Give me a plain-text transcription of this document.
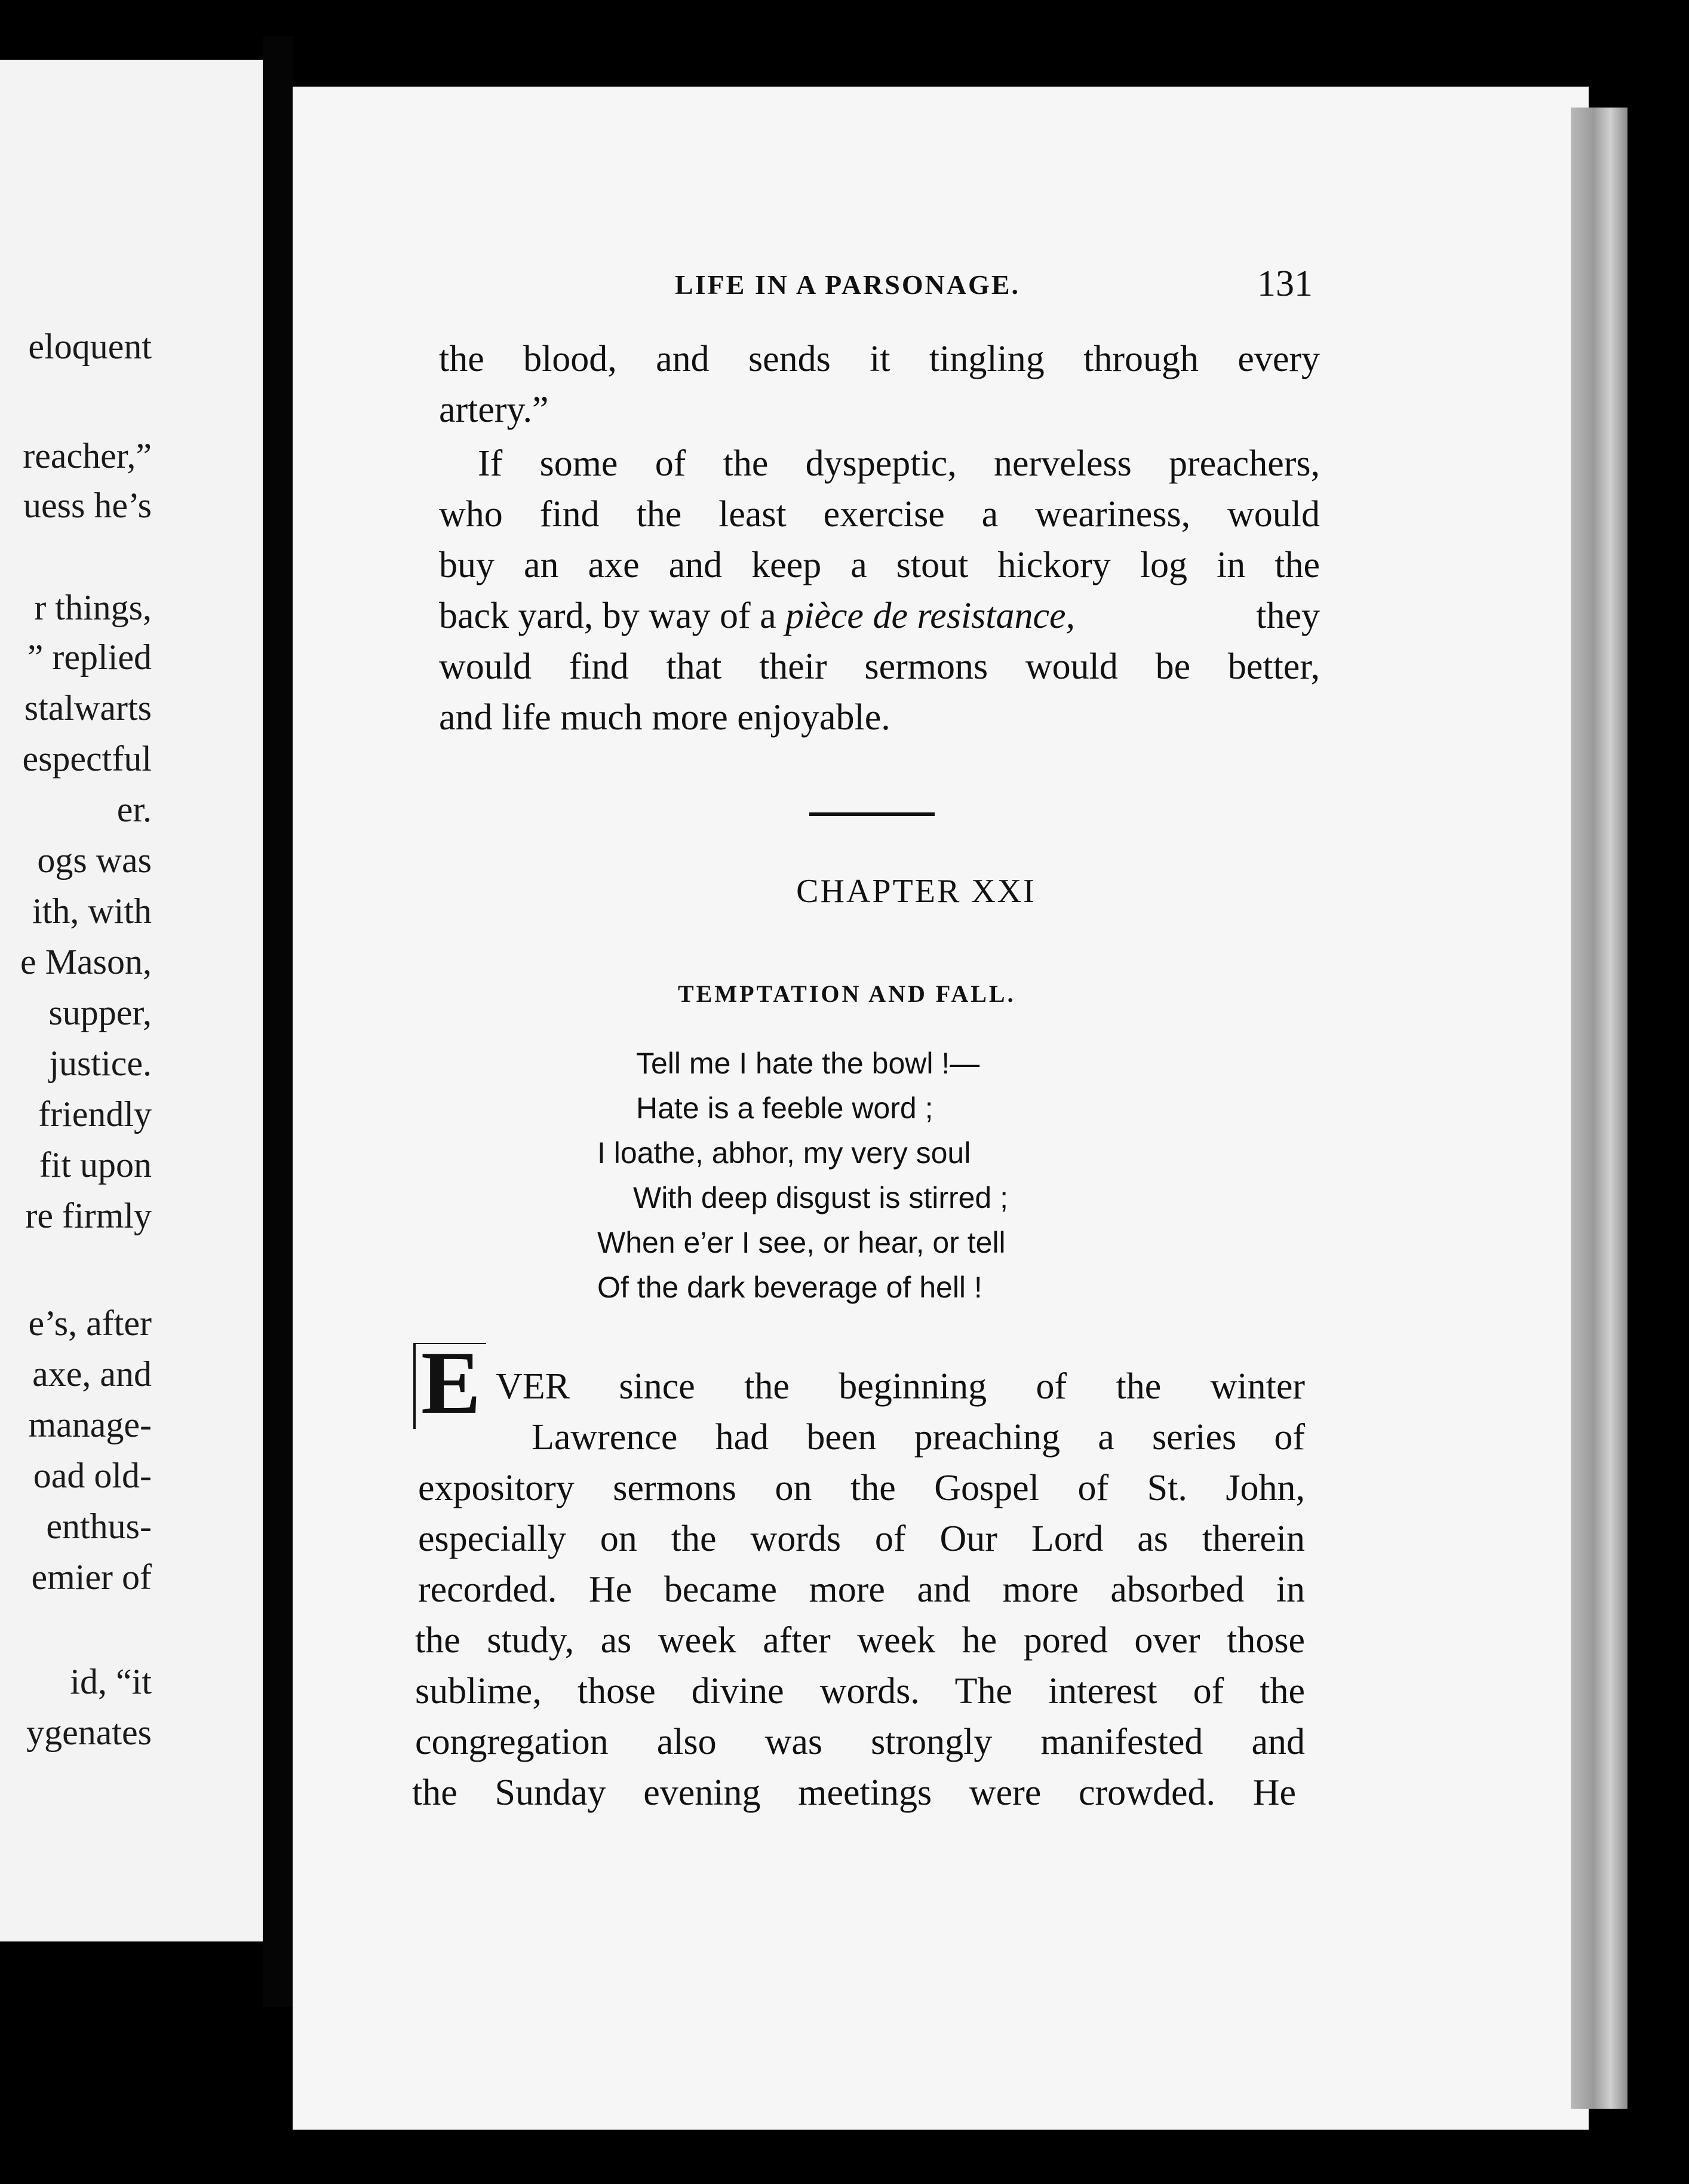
eloquent
reacher,”
uess he’s
r things,
” replied
stalwarts
espectful
er.
ogs was
ith, with
e Mason,
supper,
justice.
friendly
fit upon
re firmly
e’s, after
axe, and
manage-
oad old-
enthus-
emier of
id, “it
ygenates
LIFE IN A PARSONAGE.	131
the blood, and sends it tingling through every
artery.”
If some of the dyspeptic, nerveless preachers,
who find the least exercise a weariness, would
buy an axe and keep a stout hickory log in the
back yard, by way of a pièce de resistance,	they
would find that their sermons would be better,
and life much more enjoyable.
CHAPTER XXI
TEMPTATION AND FALL.
Tell me I hate the bowl !—
Hate is a feeble word ;
I loathe, abhor, my very soul
With deep disgust is stirred ;
When e’er I see, or hear, or tell
Of the dark beverage of hell !
E VER since the beginning of the winter
Lawrence had been preaching a series of
expository sermons on the Gospel of St. John,
especially on the words of Our Lord as therein
recorded. He became more and more absorbed in
the study, as week after week he pored over those
sublime, those divine words. The interest of the
congregation also was strongly manifested and
the Sunday evening meetings were crowded. He
